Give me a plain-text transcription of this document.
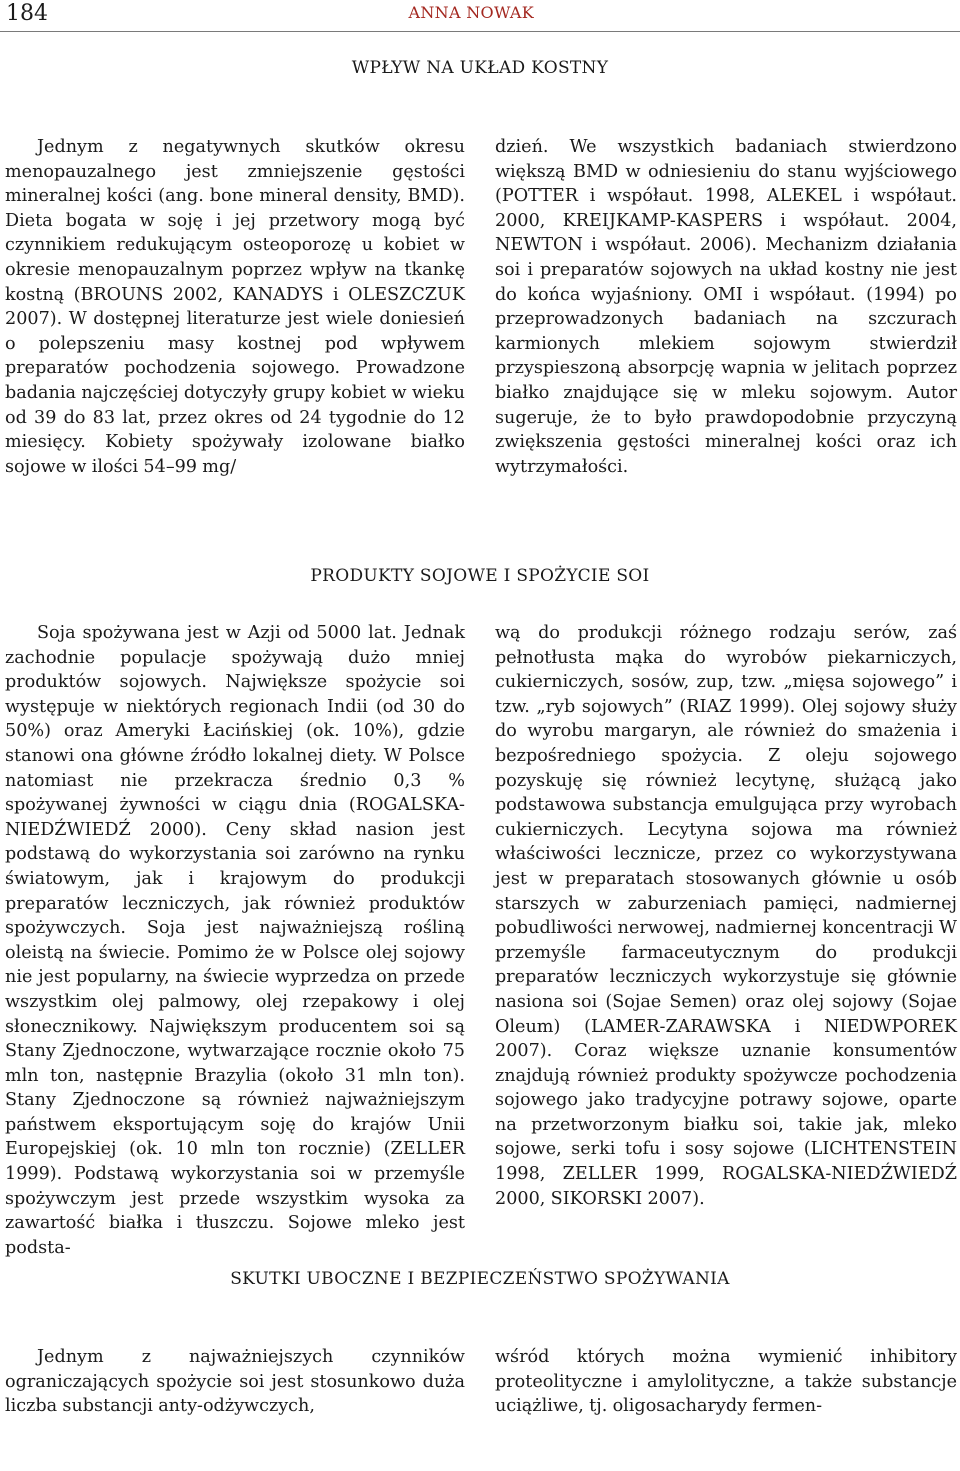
184	ANNA NOWAK
WPŁYW NA UKŁAD KOSTNY

Jednym z negatywnych skutków okresu menopauzalnego jest zmniejszenie gęstości mineralnej kości (ang. bone mineral density, BMD). Dieta bogata w soję i jej przetwory mogą być czynnikiem redukującym osteoporozę u kobiet w okresie menopauzalnym poprzez wpływ na tkankę kostną (BROUNS 2002, KANADYS i OLESZCZUK 2007). W dostępnej literaturze jest wiele doniesień o polepszeniu masy kostnej pod wpływem preparatów pochodzenia sojowego. Prowadzone badania najczęściej dotyczyły grupy kobiet w wieku od 39 do 83 lat, przez okres od 24 tygodnie do 12 miesięcy. Kobiety spożywały izolowane białko sojowe w ilości 54–99 mg/

dzień. We wszystkich badaniach stwierdzono większą BMD w odniesieniu do stanu wyjściowego (POTTER i współaut. 1998, ALEKEL i współaut. 2000, KREIJKAMP-KASPERS i współaut. 2004, NEWTON i współaut. 2006). Mechanizm działania soi i preparatów sojowych na układ kostny nie jest do końca wyjaśniony. OMI i współaut. (1994) po przeprowadzonych badaniach na szczurach karmionych mlekiem sojowym stwierdził przyspieszoną absorpcję wapnia w jelitach poprzez białko znajdujące się w mleku sojowym. Autor sugeruje, że to było prawdopodobnie przyczyną zwiększenia gęstości mineralnej kości oraz ich wytrzymałości.

PRODUKTY SOJOWE I SPOŻYCIE SOI

Soja spożywana jest w Azji od 5000 lat. Jednak zachodnie populacje spożywają dużo mniej produktów sojowych. Największe spożycie soi występuje w niektórych regionach Indii (od 30 do 50%) oraz Ameryki Łacińskiej (ok. 10%), gdzie stanowi ona główne źródło lokalnej diety. W Polsce natomiast nie przekracza średnio 0,3 % spożywanej żywności w ciągu dnia (ROGALSKA-NIEDŹWIEDŹ 2000). Ceny skład nasion jest podstawą do wykorzystania soi zarówno na rynku światowym, jak i krajowym do produkcji preparatów leczniczych, jak również produktów spożywczych. Soja jest najważniejszą rośliną oleistą na świecie. Pomimo że w Polsce olej sojowy nie jest popularny, na świecie wyprzedza on przede wszystkim olej palmowy, olej rzepakowy i olej słonecznikowy. Największym producentem soi są Stany Zjednoczone, wytwarzające rocznie około 75 mln ton, następnie Brazylia (około 31 mln ton). Stany Zjednoczone są również najważniejszym państwem eksportującym soję do krajów Unii Europejskiej (ok. 10 mln ton rocznie) (ZELLER 1999). Podstawą wykorzystania soi w przemyśle spożywczym jest przede wszystkim wysoka za zawartość białka i tłuszczu. Sojowe mleko jest podsta-

wą do produkcji różnego rodzaju serów, zaś pełnotłusta mąka do wyrobów piekarniczych, cukierniczych, sosów, zup, tzw. „mięsa sojowego” i tzw. „ryb sojowych” (RIAZ 1999). Olej sojowy służy do wyrobu margaryn, ale również do smażenia i bezpośredniego spożycia. Z oleju sojowego pozyskuję się również lecytynę, służącą jako podstawowa substancja emulgująca przy wyrobach cukierniczych. Lecytyna sojowa ma również właściwości lecznicze, przez co wykorzystywana jest w preparatach stosowanych głównie u osób starszych w zaburzeniach pamięci, nadmiernej pobudliwości nerwowej, nadmiernej koncentracji W przemyśle farmaceutycznym do produkcji preparatów leczniczych wykorzystuje się głównie nasiona soi (Sojae Semen) oraz olej sojowy (Sojae Oleum) (LAMER-ZARAWSKA i NIEDWPOREK 2007). Coraz większe uznanie konsumentów znajdują również produkty spożywcze pochodzenia sojowego jako tradycyjne potrawy sojowe, oparte na przetworzonym białku soi, takie jak, mleko sojowe, serki tofu i sosy sojowe (LICHTENSTEIN 1998, ZELLER 1999, ROGALSKA-NIEDŹWIEDŹ 2000, SIKORSKI 2007).

SKUTKI UBOCZNE I BEZPIECZEŃSTWO SPOŻYWANIA

Jednym z najważniejszych czynników ograniczających spożycie soi jest stosunkowo duża liczba substancji anty-odżywczych,

wśród których można wymienić inhibitory proteolityczne i amylolityczne, a także substancje uciążliwe, tj. oligosacharydy fermen-
